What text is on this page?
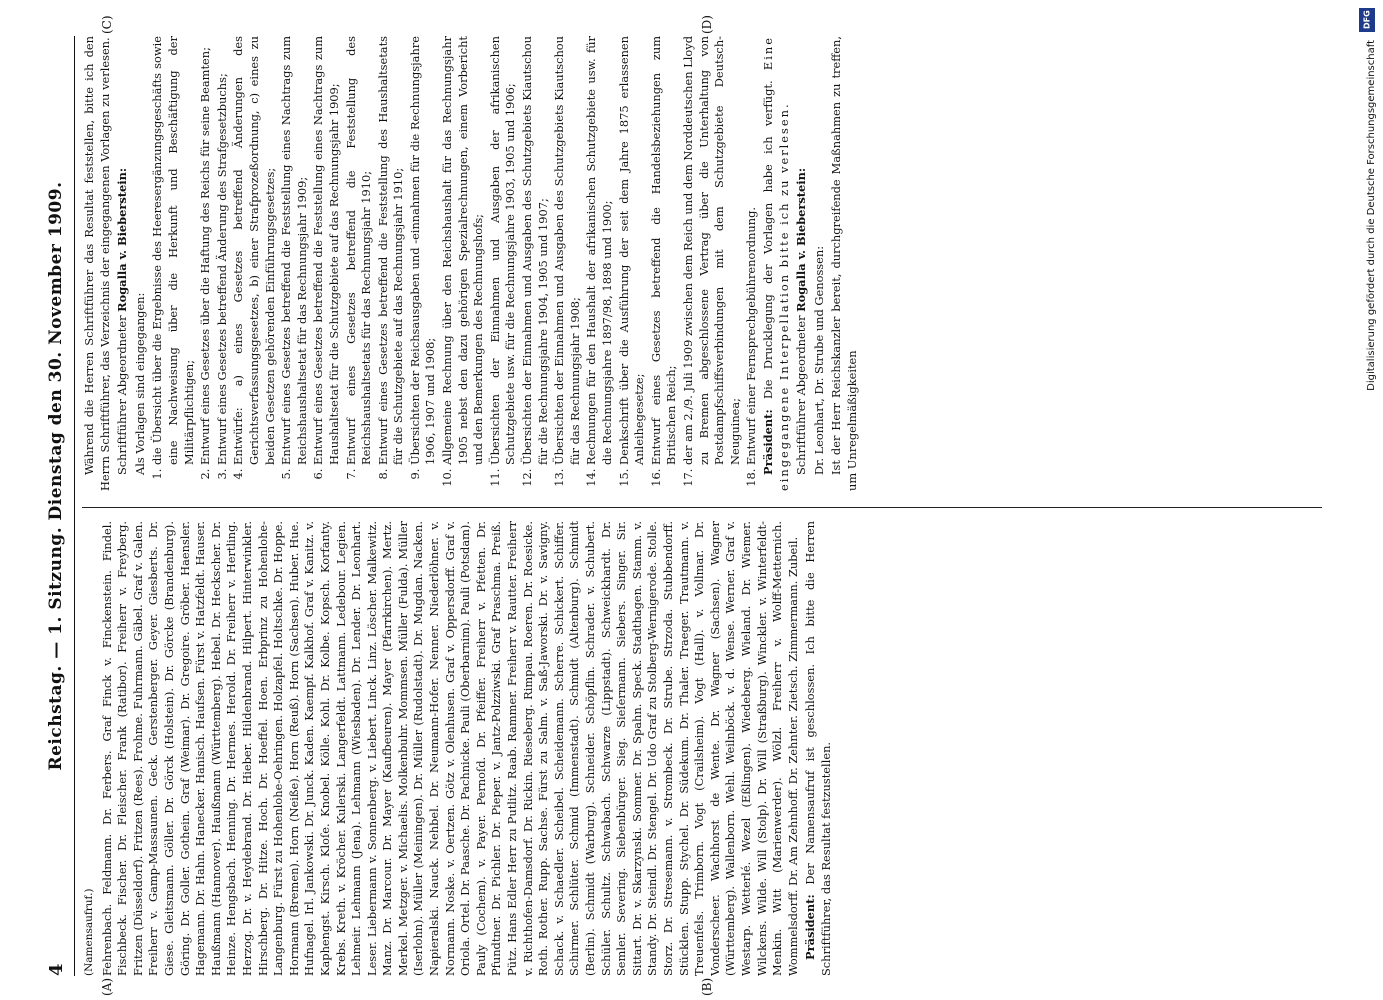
DFG
Digitalisierung gefördert durch die Deutsche Forschungsgemeinschaft
4
Reichstag. — 1. Sitzung. Dienstag den 30. November 1909.

(Namensaufruf.) Fehrenbach. Feldmann. Dr. Ferbers. Graf Finck v. Finckenstein. Findel. Fischbeck. Fischer. Dr. Fleischer. Frank (Ratibor). Freiherr v. Freyberg. Fritzen (Düsseldorf). Fritzen (Rees). Frohme. Fuhrmann. Gäbel. Graf v. Galen. Freiherr v. Gamp-Massaunen. Geck. Gerstenberger. Geyer. Giesberts. Dr. Giese. Gleitsmann. Göller. Dr. Görck (Holstein). Dr. Görcke (Brandenburg). Göring. Dr. Goller. Gothein. Graf (Weimar). Dr. Gregoire. Gröber. Haensler. Hagemann. Dr. Hahn. Hanecker. Hanisch. Haufsen. Fürst v. Hatzfeldt. Hauser. Haußmann (Hannover). Haußmann (Württemberg). Hebel. Dr. Heckscher. Dr. Heinze. Hengsbach. Henning. Dr. Hermes. Herold. Dr. Freiherr v. Hertling. Herzog. Dr. v. Heydebrand. Dr. Hieber. Hildenbrand. Hilpert. Hinterwinkler. Hirschberg. Dr. Hitze. Hoch. Dr. Hoeffel. Hoen. Erbprinz zu Hohenlohe-Langenburg. Fürst zu Hohenlohe-Oehringen. Holzapfel. Holtschke. Dr. Hoppe. Hormann (Bremen). Horn (Neiße). Horn (Reuß). Horn (Sachsen). Huber. Hue. Hufnagel. Irl. Jankowski. Dr. Junck. Kaden. Kaempf. Kalkhof. Graf v. Kanitz. v. Kaphengst. Kirsch. Kloſe. Knobel. Kölle. Kohl. Dr. Kolbe. Kopsch. Korfanty. Krebs. Kreth. v. Kröcher. Kulerski. Langerfeldt. Lattmann. Ledebour. Legien. Lehmeir. Lehmann (Jena). Lehmann (Wiesbaden). Dr. Lender. Dr. Leonhart. Leser. Liebermann v. Sonnenberg. v. Liebert. Linck. Linz. Löscher. Malkewitz. Manz. Dr. Marcour. Dr. Mayer (Kaufbeuren). Mayer (Pfarrkirchen). Mertz. Merkel. Metzger. v. Michaelis. Molkenbuhr. Mommsen. Müller (Fulda). Müller (Iserlohn). Müller (Meiningen). Dr. Müller (Rudolstadt). Dr. Mugdan. Nacken. Napieralski. Nauck. Nehbel. Dr. Neumann-Hofer. Nenner. Niederlöhner. v. Normann. Noske. v. Oertzen. Götz v. Olenhusen. Graf v. Oppersdorff. Graf v. Oriola. Ortel. Dr. Paasche. Dr. Pachnicke. Pauli (Oberbarnim). Pauli (Potsdam). Pauly (Cochem). v. Payer. Pernoſd. Dr. Pfeiffer. Freiherr v. Pfetten. Dr. Pfundtner. Dr. Pichler. Dr. Pieper. v. Jantz-Polzziwski. Graf Praschma. Preiß. Pütz. Hans Edler Herr zu Putlitz. Raab. Rammer. Freiherr v. Rautter. Freiherr v. Richthofen-Damsdorf. Dr. Rickin. Rieseberg. Rimpau. Roeren. Dr. Roesicke. Roth. Rother. Rupp. Sachse. Fürst zu Salm. v. Saß-Jaworski. Dr. v. Savigny. Schack. v. Schaedler. Scheibel. Scheidemann. Scherre. Schickert. Schiffer. Schirmer. Schlüter. Schmid (Immenstadt). Schmidt (Altenburg). Schmidt (Berlin). Schmidt (Warburg). Schneider. Schöpflin. Schrader. v. Schubert. Schüler. Schultz. Schwabach. Schwarze (Lippstadt). Schweickhardt. Dr. Semler. Severing. Siebenbürger. Sieg. Sieſermann. Siebers. Singer. Sir. Sittart. Dr. v. Skarzynski. Sommer. Dr. Spahn. Speck. Stadthagen. Stamm. v. Standy. Dr. Steindl. Dr. Stengel. Dr. Udo Graf zu Stolberg-Wernigerode. Stolle. Storz. Dr. Stresemann. v. Strombeck. Dr. Strube. Strzoda. Stubbendorff. Stücklen. Stupp. Stychel. Dr. Südekum. Dr. Thaler. Traeger. Trautmann. v. Treuenfels. Trimborn. Vogt (Crailsheim). Vogt (Hall). v. Vollmar. Dr. Vonderscheer. Wachhorst de Wente. Dr. Wagner (Sachsen). Wagner (Württemberg). Wallenborn. Wehl. Weilnböck. v. d. Wense. Werner. Graf v. Westarp. Wetterlé. Wezel (Eßlingen). Wiedeberg. Wieland. Dr. Wiemer. Wilckens. Wilde. Will (Stolp). Dr. Will (Straßburg). Winckler. v. Winterfeldt-Menkin. Witt (Marienwerder). Wölzl. Freiherr v. Wolff-Metternich. Wommelsdorff. Dr. Am Zehnhoff. Dr. Zehnter. Zietsch. Zimmermann. Zubeil. Präsident: Der Namensaufruf ist geschlossen. Ich bitte die Herren Schriftführer, das Resultat festzustellen.

Während die Herren Schriftführer das Resultat feststellen, bitte ich den Herrn Schriftführer, das Verzeichnis der eingegangenen Vorlagen zu verlesen. Schriftführer Abgeordneter Rogalla v. Bieberstein:

Als Vorlagen sind eingegangen: 1. die Übersicht über die Ergebnisse des Heeresergänzungsgeschäfts sowie eine Nachweisung über die Herkunft und Beschäftigung der Militärpflichtigen; 2. Entwurf eines Gesetzes über die Haftung des Reichs für seine Beamten; 3. Entwurf eines Gesetzes betreffend Änderung des Strafgesetzbuchs; 4. Entwürfe: a) eines Gesetzes betreffend Änderungen des Gerichtsverfassungsgesetzes, b) einer Strafprozeßordnung, c) eines zu beiden Gesetzen gehörenden Einführungsgesetzes; 5. Entwurf eines Gesetzes betreffend die Feststellung eines Nachtrags zum Reichshaushaltsetat für das Rechnungsjahr 1909; 6. Entwurf eines Gesetzes betreffend die Feststellung eines Nachtrags zum Haushaltsetat für die Schutzgebiete auf das Rechnungsjahr 1909; 7. Entwurf eines Gesetzes betreffend die Feststellung des Reichshaushaltsetats für das Rechnungsjahr 1910; 8. Entwurf eines Gesetzes betreffend die Feststellung des Haushaltsetats für die Schutzgebiete auf das Rechnungsjahr 1910; 9. Übersichten der Reichsausgaben und -einnahmen für die Rechnungsjahre 1906, 1907 und 1908; 10. Allgemeine Rechnung über den Reichshaushalt für das Rechnungsjahr 1905 nebst den dazu gehörigen Spezialrechnungen, einem Vorbericht und den Bemerkungen des Rechnungshofs; 11. Übersichten der Einnahmen und Ausgaben der afrikanischen Schutzgebiete usw. für die Rechnungsjahre 1903, 1905 und 1906; 12. Übersichten der Einnahmen und Ausgaben des Schutzgebiets Kiautschou für die Rechnungsjahre 1904, 1905 und 1907; 13. Übersichten der Einnahmen und Ausgaben des Schutzgebiets Kiautschou für das Rechnungsjahr 1908; 14. Rechnungen für den Haushalt der afrikanischen Schutzgebiete usw. für die Rechnungsjahre 1897/98, 1898 und 1900; 15. Denkschrift über die Ausführung der seit dem Jahre 1875 erlassenen Anleihegesetze; 16. Entwurf eines Gesetzes betreffend die Handelsbeziehungen zum Britischen Reich; 17. der am 2./9. Juli 1909 zwischen dem Reich und dem Norddeutschen Lloyd zu Bremen abgeschlossene Vertrag über die Unterhaltung von Postdampfschiffsverbindungen mit dem Schutzgebiete Deutsch-Neuguinea; 18. Entwurf einer Fernsprechgebührenordnung. Präsident: Die Drucklegung der Vorlagen habe ich verfügt. Eine eingegangene Interpellation bitte ich zu verlesen. Schriftführer Abgeordneter Rogalla v. Bieberstein:

Dr. Leonhart, Dr. Strube und Genossen: Ist der Herr Reichskanzler bereit, durchgreifende Maßnahmen zu treffen, um Unregelmäßigkeiten

(A)	(B)
(C)	(D)
